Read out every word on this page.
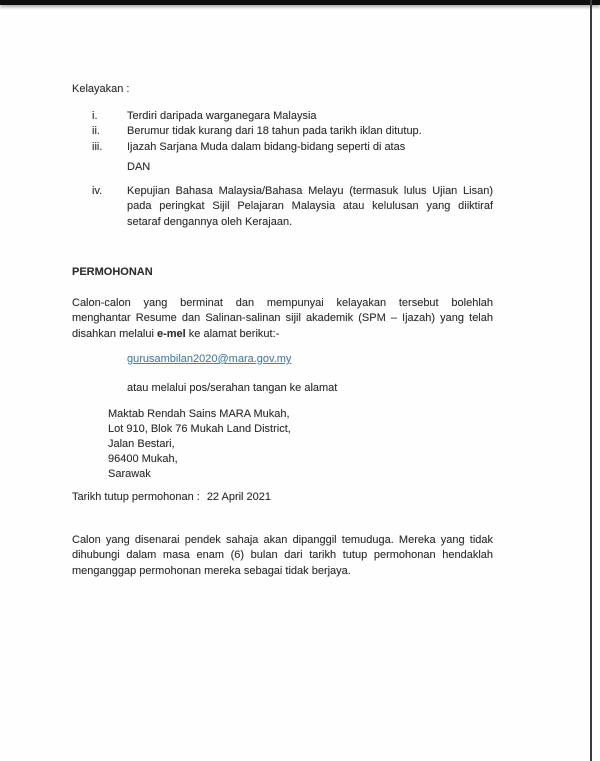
Kelayakan :
i.	Terdiri daripada warganegara Malaysia
ii.	Berumur tidak kurang dari 18 tahun pada tarikh iklan ditutup.
iii.	Ijazah Sarjana Muda dalam bidang-bidang seperti di atas
DAN
iv.	Kepujian Bahasa Malaysia/Bahasa Melayu (termasuk lulus Ujian Lisan)
pada peringkat Sijil Pelajaran Malaysia atau kelulusan yang diiktiraf
setaraf dengannya oleh Kerajaan.
PERMOHONAN
Calon-calon yang berminat dan mempunyai kelayakan tersebut bolehlah
menghantar Resume dan Salinan-salinan sijil akademik (SPM – Ijazah) yang telah
disahkan melalui e-mel ke alamat berikut:-
gurusambilan2020@mara.gov.my
atau melalui pos/serahan tangan ke alamat
Maktab Rendah Sains MARA Mukah,
Lot 910, Blok 76 Mukah Land District,
Jalan Bestari,
96400 Mukah,
Sarawak
Tarikh tutup permohonan : 22 April 2021
Calon yang disenarai pendek sahaja akan dipanggil temuduga. Mereka yang tidak
dihubungi dalam masa enam (6) bulan dari tarikh tutup permohonan hendaklah
menganggap permohonan mereka sebagai tidak berjaya.
